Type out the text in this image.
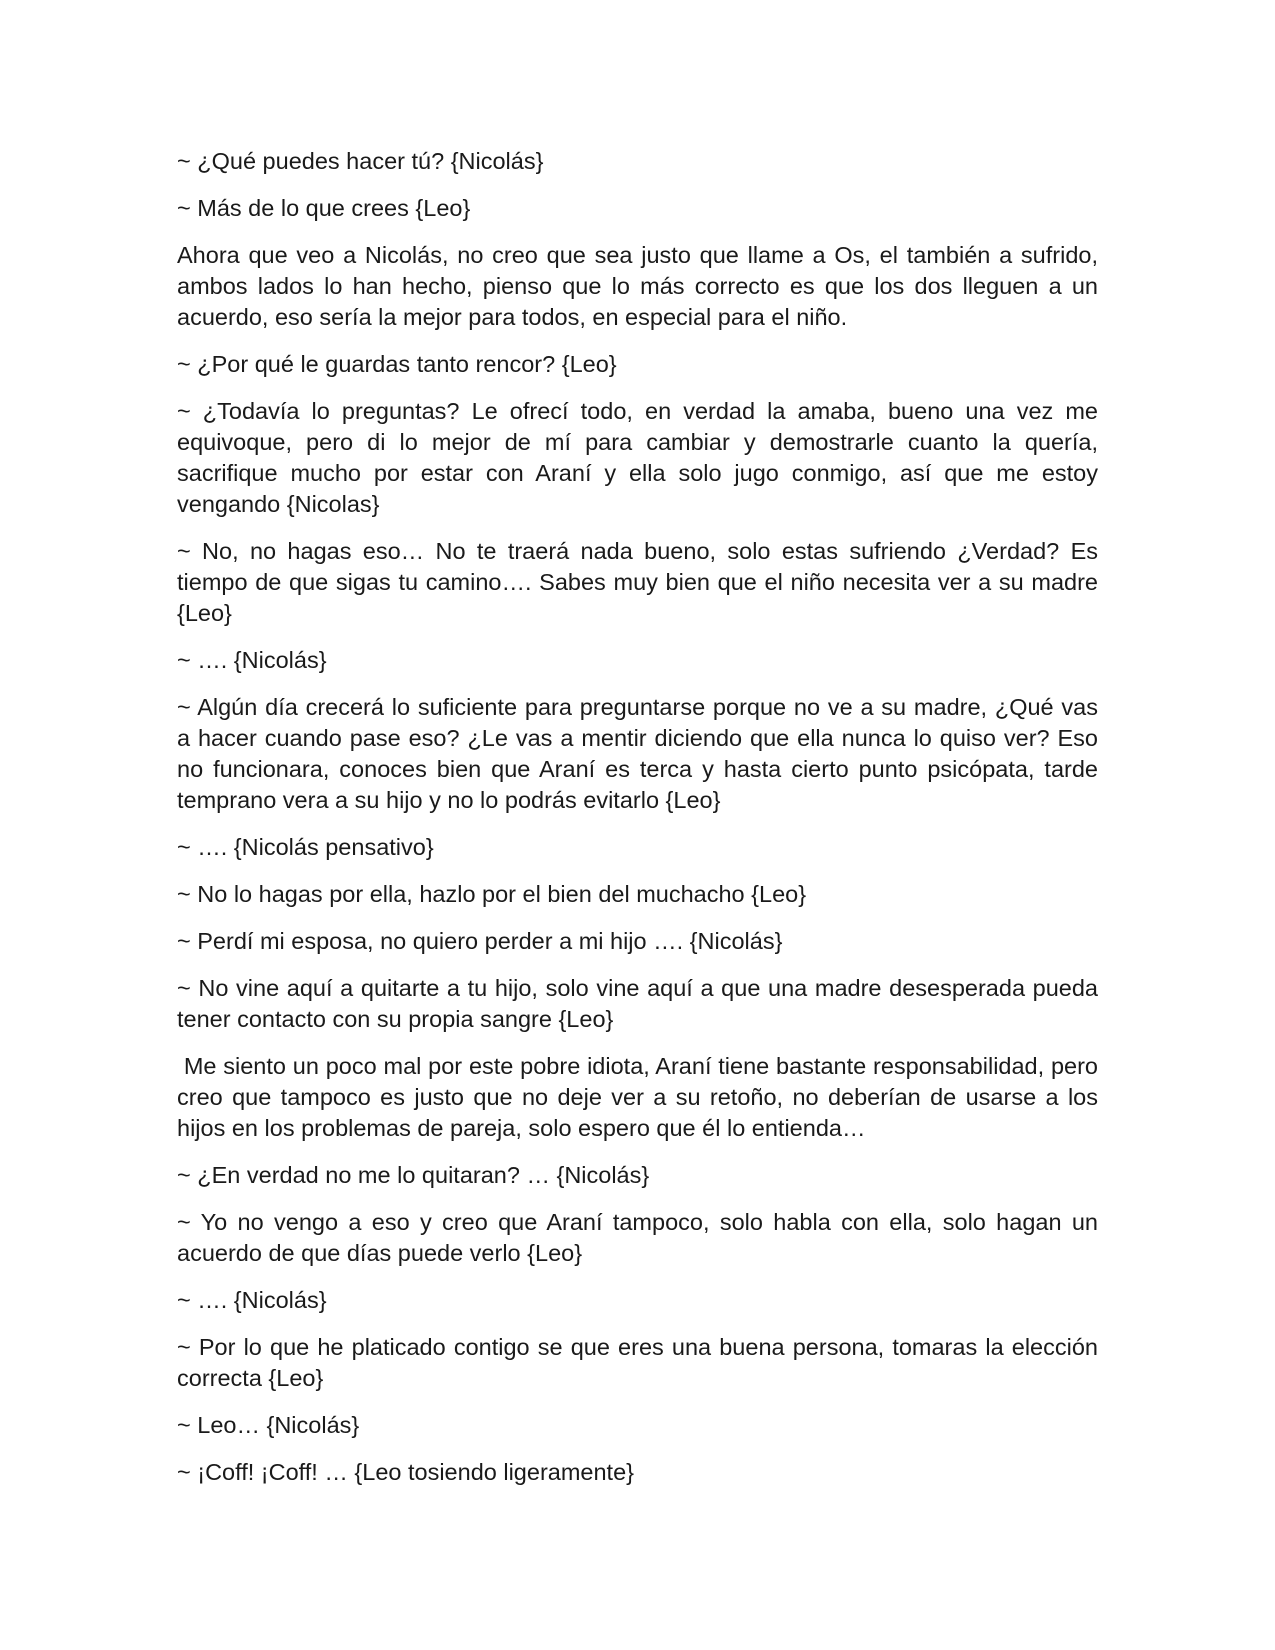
~ ¿Qué puedes hacer tú? {Nicolás}

~ Más de lo que crees {Leo}

Ahora que veo a Nicolás, no creo que sea justo que llame a Os, el también a sufrido, ambos lados lo han hecho, pienso que lo más correcto es que los dos lleguen a un acuerdo, eso sería la mejor para todos, en especial para el niño.

~ ¿Por qué le guardas tanto rencor? {Leo}

~ ¿Todavía lo preguntas? Le ofrecí todo, en verdad la amaba, bueno una vez me equivoque, pero di lo mejor de mí para cambiar y demostrarle cuanto la quería, sacrifique mucho por estar con Araní y ella solo jugo conmigo, así que me estoy vengando {Nicolas}

~ No, no hagas eso… No te traerá nada bueno, solo estas sufriendo ¿Verdad? Es tiempo de que sigas tu camino…. Sabes muy bien que el niño necesita ver a su madre {Leo}

~ …. {Nicolás}

~ Algún día crecerá lo suficiente para preguntarse porque no ve a su madre, ¿Qué vas a hacer cuando pase eso? ¿Le vas a mentir diciendo que ella nunca lo quiso ver? Eso no funcionara, conoces bien que Araní es terca y hasta cierto punto psicópata, tarde temprano vera a su hijo y no lo podrás evitarlo {Leo}

~ …. {Nicolás pensativo}

~ No lo hagas por ella, hazlo por el bien del muchacho {Leo}

~ Perdí mi esposa, no quiero perder a mi hijo …. {Nicolás}

~ No vine aquí a quitarte a tu hijo, solo vine aquí a que una madre desesperada pueda tener contacto con su propia sangre {Leo}

Me siento un poco mal por este pobre idiota, Araní tiene bastante responsabilidad, pero creo que tampoco es justo que no deje ver a su retoño, no deberían de usarse a los hijos en los problemas de pareja, solo espero que él lo entienda…

~ ¿En verdad no me lo quitaran? … {Nicolás}

~ Yo no vengo a eso y creo que Araní tampoco, solo habla con ella, solo hagan un acuerdo de que días puede verlo {Leo}

~ …. {Nicolás}

~ Por lo que he platicado contigo se que eres una buena persona, tomaras la elección correcta {Leo}

~ Leo… {Nicolás}

~ ¡Coff! ¡Coff! … {Leo tosiendo ligeramente}
